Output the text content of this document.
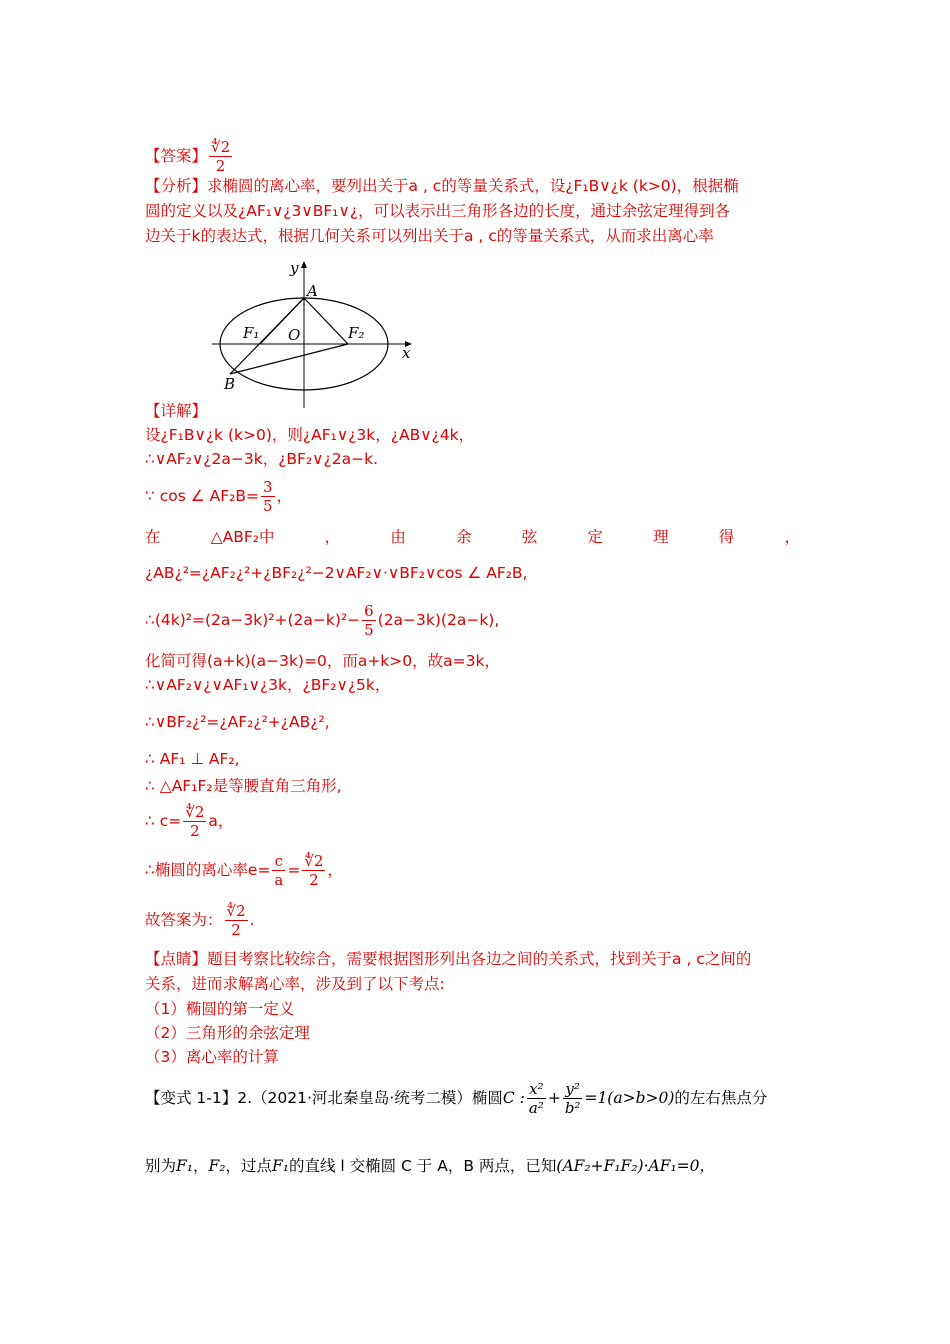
【答案】 $\frac{∜2}{2}$
【分析】求椭圆的离心率，要列出关于a , c的等量关系式，设¿F₁B∨¿k (k>0)，根据椭
圆的定义以及¿AF₁∨¿3∨BF₁∨¿，可以表示出三角形各边的长度，通过余弦定理得到各
边关于k的表达式，根据几何关系可以列出关于a , c的等量关系式，从而求出离心率
y
A
F₁ O	F₂
x
B
【详解】
设¿F₁B∨¿k (k>0)，则¿AF₁∨¿3k，¿AB∨¿4k，
∴∨AF₂∨¿2a−3k，¿BF₂∨¿2a−k.
∵ cos ∠ $AF_2B= \frac{3}{5}$ ，
在	△ABF₂中	，	由	余	弦	定	理	得	，
¿AB¿²=¿AF₂¿²+¿BF₂¿²−2∨AF₂∨·∨BF₂∨cos ∠ AF₂B,
∴(4k)²=(2a−3k)²+(2a−k)²− $\frac{6}{5} (2a-3k)(2a-k)$,
化简可得(a+k)(a−3k)=0，而a+k>0，故a=3k，
∴∨AF₂∨¿∨AF₁∨¿3k，¿BF₂∨¿5k，
∴∨BF₂¿²=¿AF₂¿²+¿AB¿²,
∴ AF₁ ⊥ AF₂,
∴ △AF₁F₂是等腰直角三角形,
∴ $c= \frac{∜2}{2}$ a，
∴椭圆的离心率$e= \frac{c}{a} = \frac{∜2}{2}$ ，
故答案为： $\frac{∜2}{2}$ .
【点睛】题目考察比较综合，需要根据图形列出各边之间的关系式，找到关于a , c之间的
关系，进而求解离心率，涉及到了以下考点:
（1）椭圆的第一定义
（2）三角形的余弦定理
（3）离心率的计算
【变式 1-1】2.（2021·河北秦皇岛·统考二模）椭圆C : $\frac{\text{x²}}{\text{a²}} + \frac{\text{y²}}{\text{b²}} =1(a>b>0)$的左右焦点分
别为F₁，F₂，过点F₁的直线 l 交椭圆 C 于 A，B 两点，已知(AF₂+F₁F₂)·AF₁=0，
